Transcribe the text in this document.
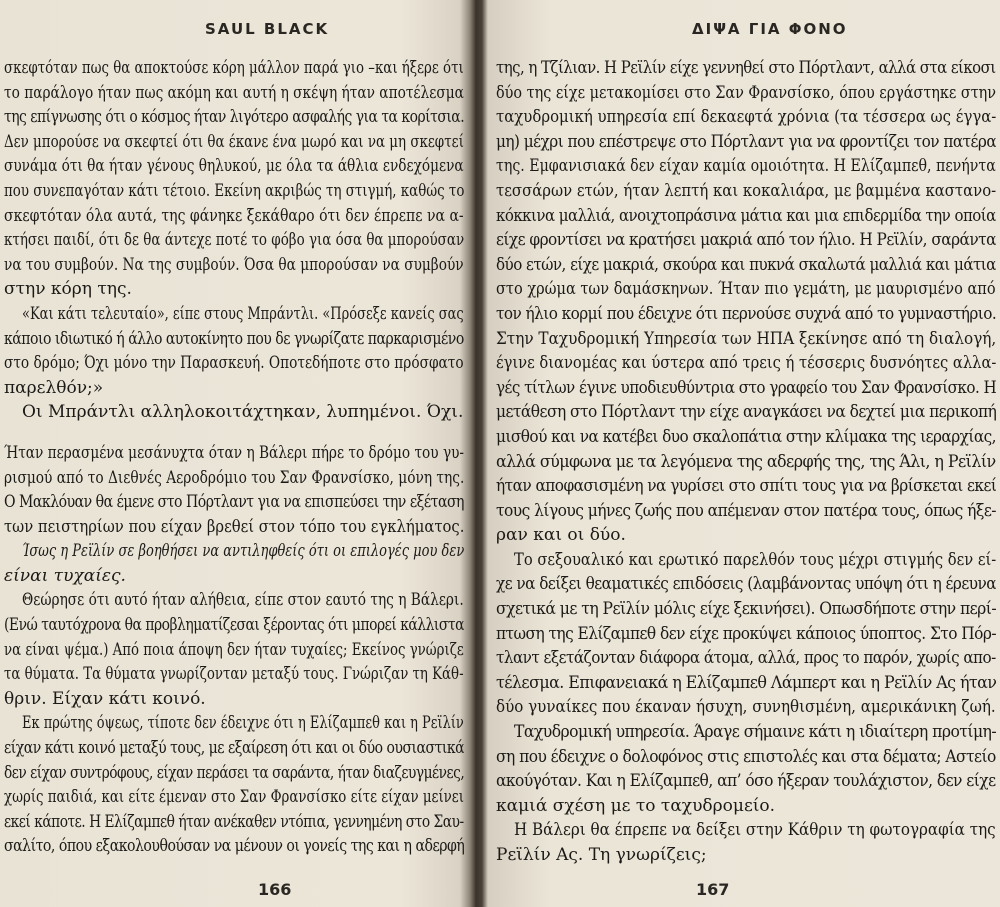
SAUL BLACK
σκεφτόταν πως θα αποκτούσε κόρη μάλλον παρά γιο –και ήξερε ότι
το παράλογο ήταν πως ακόμη και αυτή η σκέψη ήταν αποτέλεσμα
της επίγνωσης ότι ο κόσμος ήταν λιγότερο ασφαλής για τα κορίτσια.
Δεν μπορούσε να σκεφτεί ότι θα έκανε ένα μωρό και να μη σκεφτεί
συνάμα ότι θα ήταν γένους θηλυκού, με όλα τα άθλια ενδεχόμενα
που συνεπαγόταν κάτι τέτοιο. Εκείνη ακριβώς τη στιγμή, καθώς το
σκεφτόταν όλα αυτά, της φάνηκε ξεκάθαρο ότι δεν έπρεπε να α-
κτήσει παιδί, ότι δε θα άντεχε ποτέ το φόβο για όσα θα μπορούσαν
να του συμβούν. Να της συμβούν. Όσα θα μπορούσαν να συμβούν
στην κόρη της.
«Και κάτι τελευταίο», είπε στους Μπράντλι. «Πρόσεξε κανείς σας
κάποιο ιδιωτικό ή άλλο αυτοκίνητο που δε γνωρίζατε παρκαρισμένο
στο δρόμο; Όχι μόνο την Παρασκευή. Οποτεδήποτε στο πρόσφατο
παρελθόν;»
Οι Μπράντλι αλληλοκοιτάχτηκαν, λυπημένοι. Όχι.
Ήταν περασμένα μεσάνυχτα όταν η Βάλερι πήρε το δρόμο του γυ-
ρισμού από το Διεθνές Αεροδρόμιο του Σαν Φρανσίσκο, μόνη της.
Ο Μακλόυαν θα έμενε στο Πόρτλαντ για να επισπεύσει την εξέταση
των πειστηρίων που είχαν βρεθεί στον τόπο του εγκλήματος.
Ίσως η Ρεϊλίν σε βοηθήσει να αντιληφθείς ότι οι επιλογές μου δεν
είναι τυχαίες.
Θεώρησε ότι αυτό ήταν αλήθεια, είπε στον εαυτό της η Βάλερι.
(Ενώ ταυτόχρονα θα προβληματίζεσαι ξέροντας ότι μπορεί κάλλιστα
να είναι ψέμα.) Από ποια άποψη δεν ήταν τυχαίες; Εκείνος γνώριζε
τα θύματα. Τα θύματα γνωρίζονταν μεταξύ τους. Γνώριζαν τη Κάθ-
θριν. Είχαν κάτι κοινό.
Εκ πρώτης όψεως, τίποτε δεν έδειχνε ότι η Ελίζαμπεθ και η Ρεϊλίν
είχαν κάτι κοινό μεταξύ τους, με εξαίρεση ότι και οι δύο ουσιαστικά
δεν είχαν συντρόφους, είχαν περάσει τα σαράντα, ήταν διαζευγμένες,
χωρίς παιδιά, και είτε έμεναν στο Σαν Φρανσίσκο είτε είχαν μείνει
εκεί κάποτε. Η Ελίζαμπεθ ήταν ανέκαθεν ντόπια, γεννημένη στο Σαυ-
σαλίτο, όπου εξακολουθούσαν να μένουν οι γονείς της και η αδερφή
166
ΔΙΨΑ ΓΙΑ ΦΟΝΟ
της, η Τζίλιαν. Η Ρεϊλίν είχε γεννηθεί στο Πόρτλαντ, αλλά στα είκοσι
δύο της είχε μετακομίσει στο Σαν Φρανσίσκο, όπου εργάστηκε στην
ταχυδρομική υπηρεσία επί δεκαεφτά χρόνια (τα τέσσερα ως έγγα-
μη) μέχρι που επέστρεψε στο Πόρτλαντ για να φροντίζει τον πατέρα
της. Εμφανισιακά δεν είχαν καμία ομοιότητα. Η Ελίζαμπεθ, πενήντα
τεσσάρων ετών, ήταν λεπτή και κοκαλιάρα, με βαμμένα καστανο-
κόκκινα μαλλιά, ανοιχτοπράσινα μάτια και μια επιδερμίδα την οποία
είχε φροντίσει να κρατήσει μακριά από τον ήλιο. Η Ρεϊλίν, σαράντα
δύο ετών, είχε μακριά, σκούρα και πυκνά σκαλωτά μαλλιά και μάτια
στο χρώμα των δαμάσκηνων. Ήταν πιο γεμάτη, με μαυρισμένο από
τον ήλιο κορμί που έδειχνε ότι περνούσε συχνά από το γυμναστήριο.
Στην Ταχυδρομική Υπηρεσία των ΗΠΑ ξεκίνησε από τη διαλογή,
έγινε διανομέας και ύστερα από τρεις ή τέσσερις δυσνόητες αλλα-
γές τίτλων έγινε υποδιευθύντρια στο γραφείο του Σαν Φρανσίσκο. Η
μετάθεση στο Πόρτλαντ την είχε αναγκάσει να δεχτεί μια περικοπή
μισθού και να κατέβει δυο σκαλοπάτια στην κλίμακα της ιεραρχίας,
αλλά σύμφωνα με τα λεγόμενα της αδερφής της, της Άλι, η Ρεϊλίν
ήταν αποφασισμένη να γυρίσει στο σπίτι τους για να βρίσκεται εκεί
τους λίγους μήνες ζωής που απέμεναν στον πατέρα τους, όπως ήξε-
ραν και οι δύο.
Το σεξουαλικό και ερωτικό παρελθόν τους μέχρι στιγμής δεν εί-
χε να δείξει θεαματικές επιδόσεις (λαμβάνοντας υπόψη ότι η έρευνα
σχετικά με τη Ρεϊλίν μόλις είχε ξεκινήσει). Οπωσδήποτε στην περί-
πτωση της Ελίζαμπεθ δεν είχε προκύψει κάποιος ύποπτος. Στο Πόρ-
τλαντ εξετάζονταν διάφορα άτομα, αλλά, προς το παρόν, χωρίς απο-
τέλεσμα. Επιφανειακά η Ελίζαμπεθ Λάμπερτ και η Ρεϊλίν Ας ήταν
δύο γυναίκες που έκαναν ήσυχη, συνηθισμένη, αμερικάνικη ζωή.
Ταχυδρομική υπηρεσία. Άραγε σήμαινε κάτι η ιδιαίτερη προτίμη-
ση που έδειχνε ο δολοφόνος στις επιστολές και στα δέματα; Αστείο
ακούγόταν. Και η Ελίζαμπεθ, απ’ όσο ήξεραν τουλάχιστον, δεν είχε
καμιά σχέση με το ταχυδρομείο.
Η Βάλερι θα έπρεπε να δείξει στην Κάθριν τη φωτογραφία της
Ρεϊλίν Ας. Τη γνωρίζεις;
167
